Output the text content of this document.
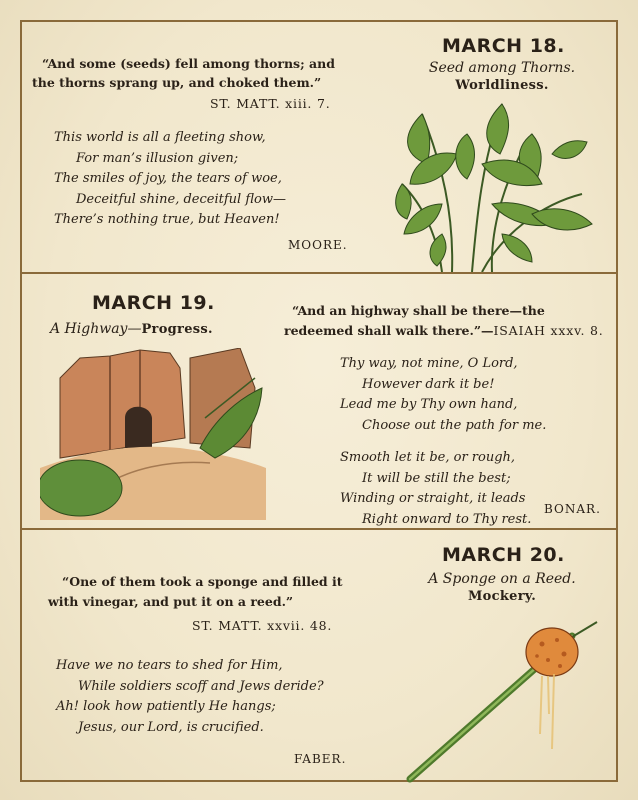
MARCH 18.
Seed among Thorns.
Worldliness.
“And some (seeds) fell among thorns; and
the thorns sprang up, and choked them.”
ST. MATT. xiii. 7.
This world is all a fleeting show,
For man’s illusion given;
The smiles of joy, the tears of woe,
Deceitful shine, deceitful flow—
There’s nothing true, but Heaven!
MOORE.
MARCH 19.
A Highway—Progress.
“And an highway shall be there—the
redeemed shall walk there.”—ISAIAH xxxv. 8.
Thy way, not mine, O Lord,
However dark it be!
Lead me by Thy own hand,
Choose out the path for me.
Smooth let it be, or rough,
It will be still the best;
Winding or straight, it leads
Right onward to Thy rest.
BONAR.
MARCH 20.
A Sponge on a Reed.
Mockery.
“One of them took a sponge and filled it
with vinegar, and put it on a reed.”
ST. MATT. xxvii. 48.
Have we no tears to shed for Him,
While soldiers scoff and Jews deride?
Ah! look how patiently He hangs;
Jesus, our Lord, is crucified.
FABER.
